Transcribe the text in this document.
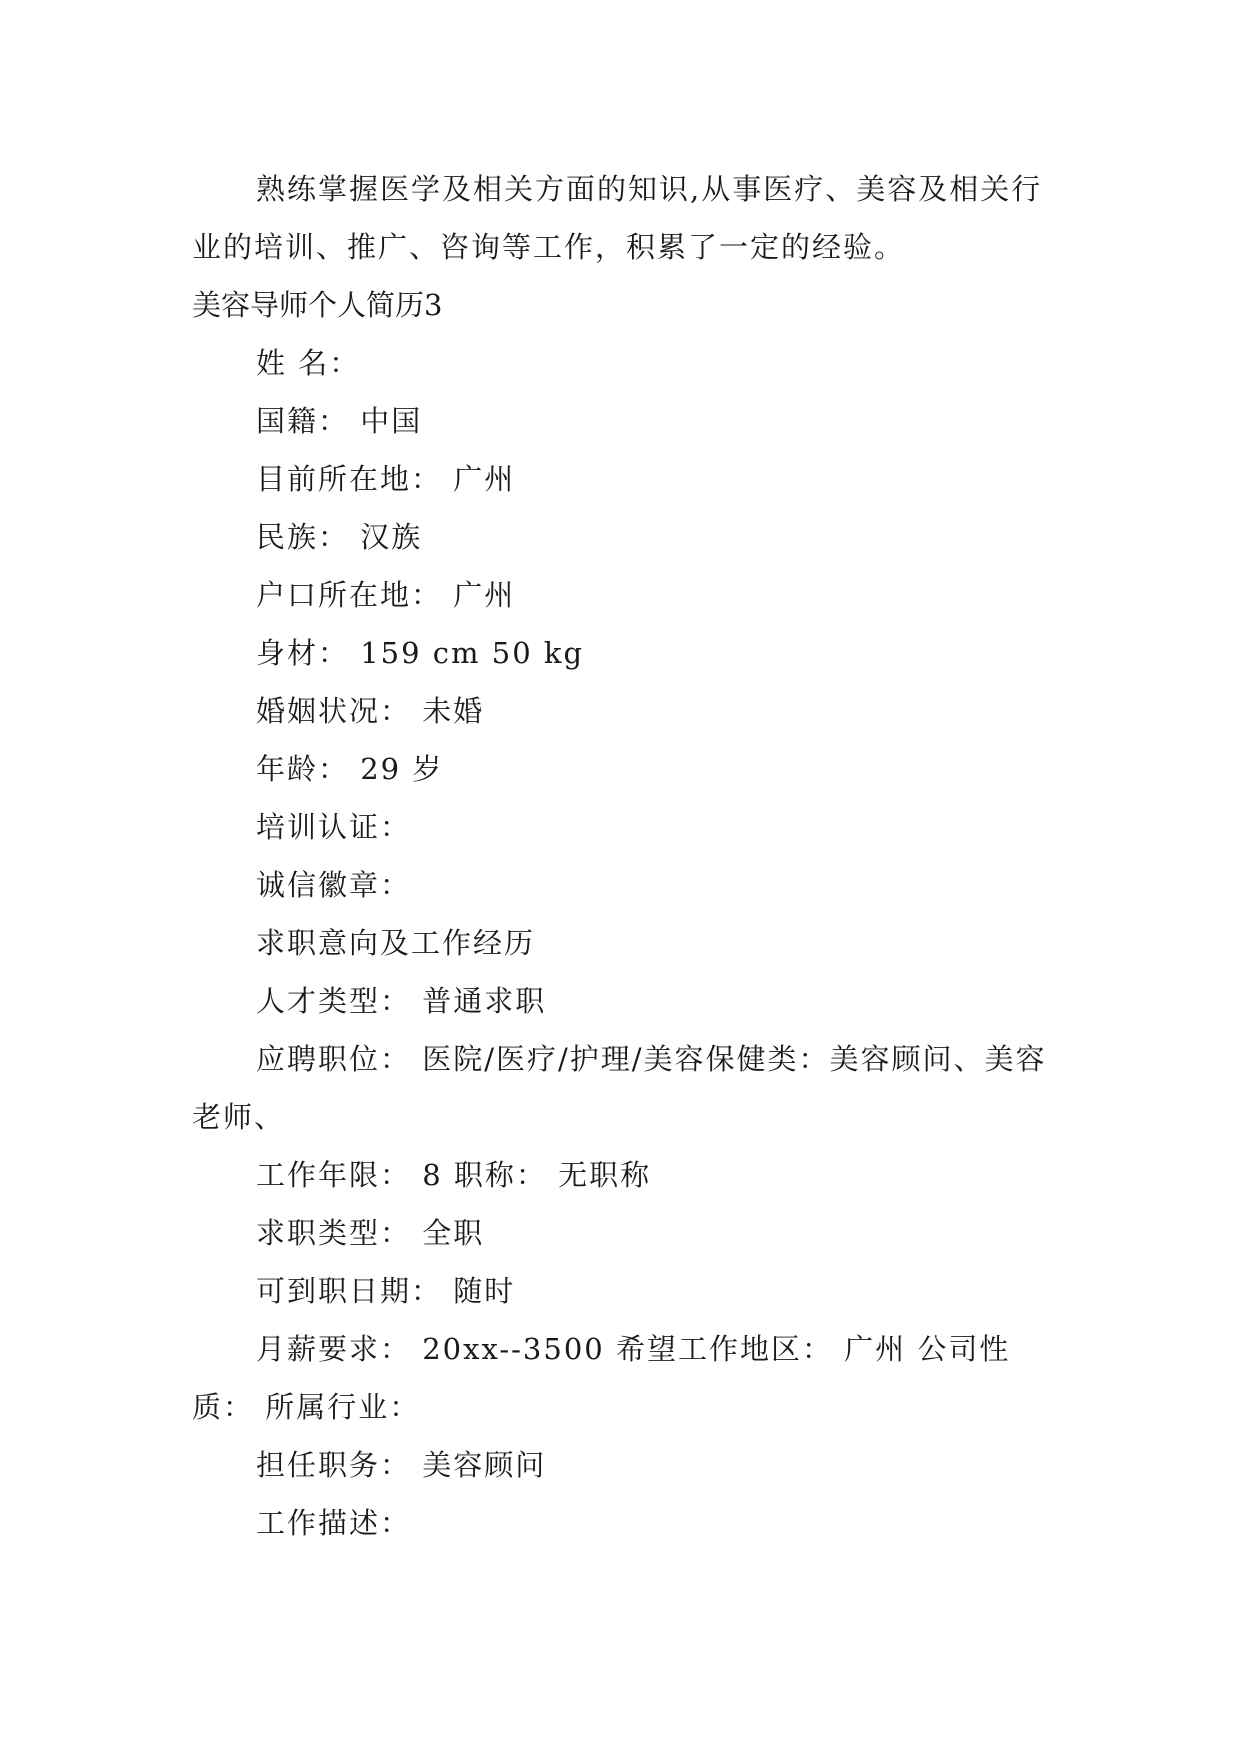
熟练掌握医学及相关方面的知识,从事医疗、美容及相关行业的培训、推广、咨询等工作，积累了一定的经验。
美容导师个人简历3
姓 名：
国籍： 中国
目前所在地： 广州
民族： 汉族
户口所在地： 广州
身材： 159 cm 50 kg
婚姻状况： 未婚
年龄： 29 岁
培训认证：
诚信徽章：
求职意向及工作经历
人才类型： 普通求职
应聘职位： 医院/医疗/护理/美容保健类：美容顾问、美容老师、
工作年限： 8 职称： 无职称
求职类型： 全职
可到职日期： 随时
月薪要求： 20xx--3500 希望工作地区： 广州 公司性质： 所属行业：
担任职务： 美容顾问
工作描述：
